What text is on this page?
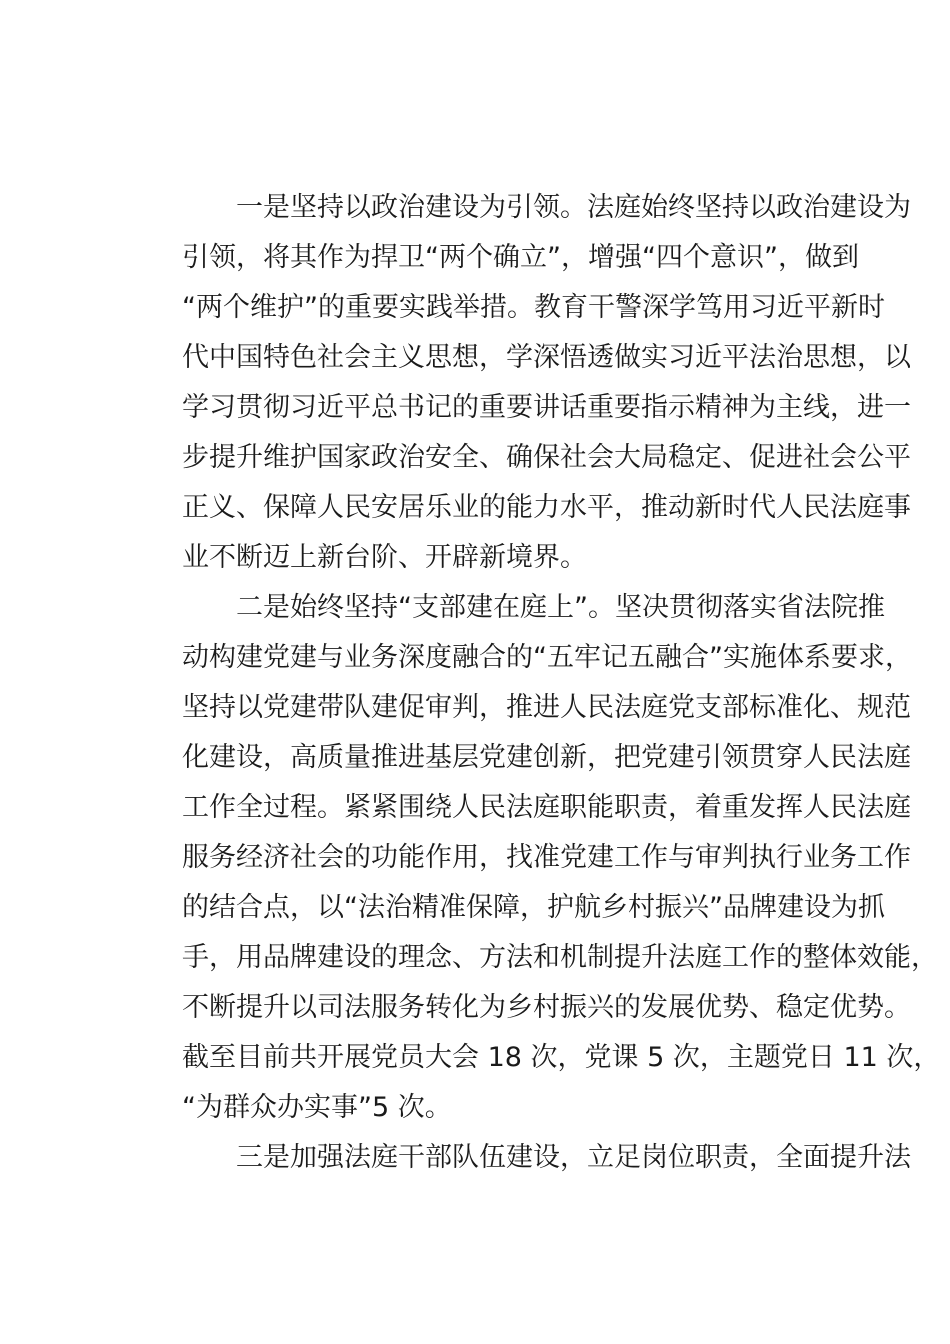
一是坚持以政治建设为引领。法庭始终坚持以政治建设为
引领，将其作为捍卫“两个确立”，增强“四个意识”，做到
“两个维护”的重要实践举措。教育干警深学笃用习近平新时
代中国特色社会主义思想，学深悟透做实习近平法治思想，以
学习贯彻习近平总书记的重要讲话重要指示精神为主线，进一
步提升维护国家政治安全、确保社会大局稳定、促进社会公平
正义、保障人民安居乐业的能力水平，推动新时代人民法庭事
业不断迈上新台阶、开辟新境界。
二是始终坚持“支部建在庭上”。坚决贯彻落实省法院推
动构建党建与业务深度融合的“五牢记五融合”实施体系要求，
坚持以党建带队建促审判，推进人民法庭党支部标准化、规范
化建设，高质量推进基层党建创新，把党建引领贯穿人民法庭
工作全过程。紧紧围绕人民法庭职能职责，着重发挥人民法庭
服务经济社会的功能作用，找准党建工作与审判执行业务工作
的结合点，以“法治精准保障，护航乡村振兴”品牌建设为抓
手，用品牌建设的理念、方法和机制提升法庭工作的整体效能，
不断提升以司法服务转化为乡村振兴的发展优势、稳定优势。
截至目前共开展党员大会 18 次，党课 5 次，主题党日 11 次，
“为群众办实事”5 次。
三是加强法庭干部队伍建设，立足岗位职责，全面提升法
